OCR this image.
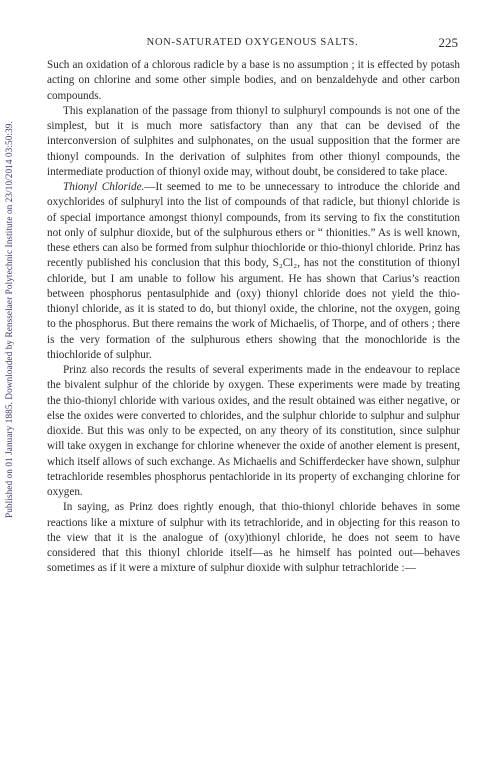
Published on 01 January 1885. Downloaded by Rensselaer Polytechnic Institute on 23/10/2014 03:50:39.
NON-SATURATED OXYGENOUS SALTS.	225

Such an oxidation of a chlorous radicle by a base is no assumption ; it is effected by potash acting on chlorine and some other simple bodies, and on benzaldehyde and other carbon compounds.

This explanation of the passage from thionyl to sulphuryl compounds is not one of the simplest, but it is much more satisfactory than any that can be devised of the interconversion of sulphites and sulphonates, on the usual supposition that the former are thionyl compounds. In the derivation of sulphites from other thionyl compounds, the intermediate production of thionyl oxide may, without doubt, be considered to take place.

Thionyl Chloride.—It seemed to me to be unnecessary to introduce the chloride and oxychlorides of sulphuryl into the list of compounds of that radicle, but thionyl chloride is of special importance amongst thionyl compounds, from its serving to fix the constitution not only of sulphur dioxide, but of the sulphurous ethers or “ thionities.” As is well known, these ethers can also be formed from sulphur thiochloride or thio-thionyl chloride. Prinz has recently published his conclusion that this body, S₂Cl₂, has not the constitution of thionyl chloride, but I am unable to follow his argument. He has shown that Carius’s reaction between phosphorus pentasulphide and (oxy) thionyl chloride does not yield the thio-thionyl chloride, as it is stated to do, but thionyl oxide, the chlorine, not the oxygen, going to the phosphorus. But there remains the work of Michaelis, of Thorpe, and of others ; there is the very formation of the sulphurous ethers showing that the monochloride is the thiochloride of sulphur.

Prinz also records the results of several experiments made in the endeavour to replace the bivalent sulphur of the chloride by oxygen. These experiments were made by treating the thio-thionyl chloride with various oxides, and the result obtained was either negative, or else the oxides were converted to chlorides, and the sulphur chloride to sulphur and sulphur dioxide. But this was only to be expected, on any theory of its constitution, since sulphur will take oxygen in exchange for chlorine whenever the oxide of another element is present, which itself allows of such exchange. As Michaelis and Schifferdecker have shown, sulphur tetrachloride resembles phosphorus pentachloride in its property of exchanging chlorine for oxygen.

In saying, as Prinz does rightly enough, that thio-thionyl chloride behaves in some reactions like a mixture of sulphur with its tetrachloride, and in objecting for this reason to the view that it is the analogue of (oxy)thionyl chloride, he does not seem to have considered that this thionyl chloride itself—as he himself has pointed out—behaves sometimes as if it were a mixture of sulphur dioxide with sulphur tetrachloride :—
